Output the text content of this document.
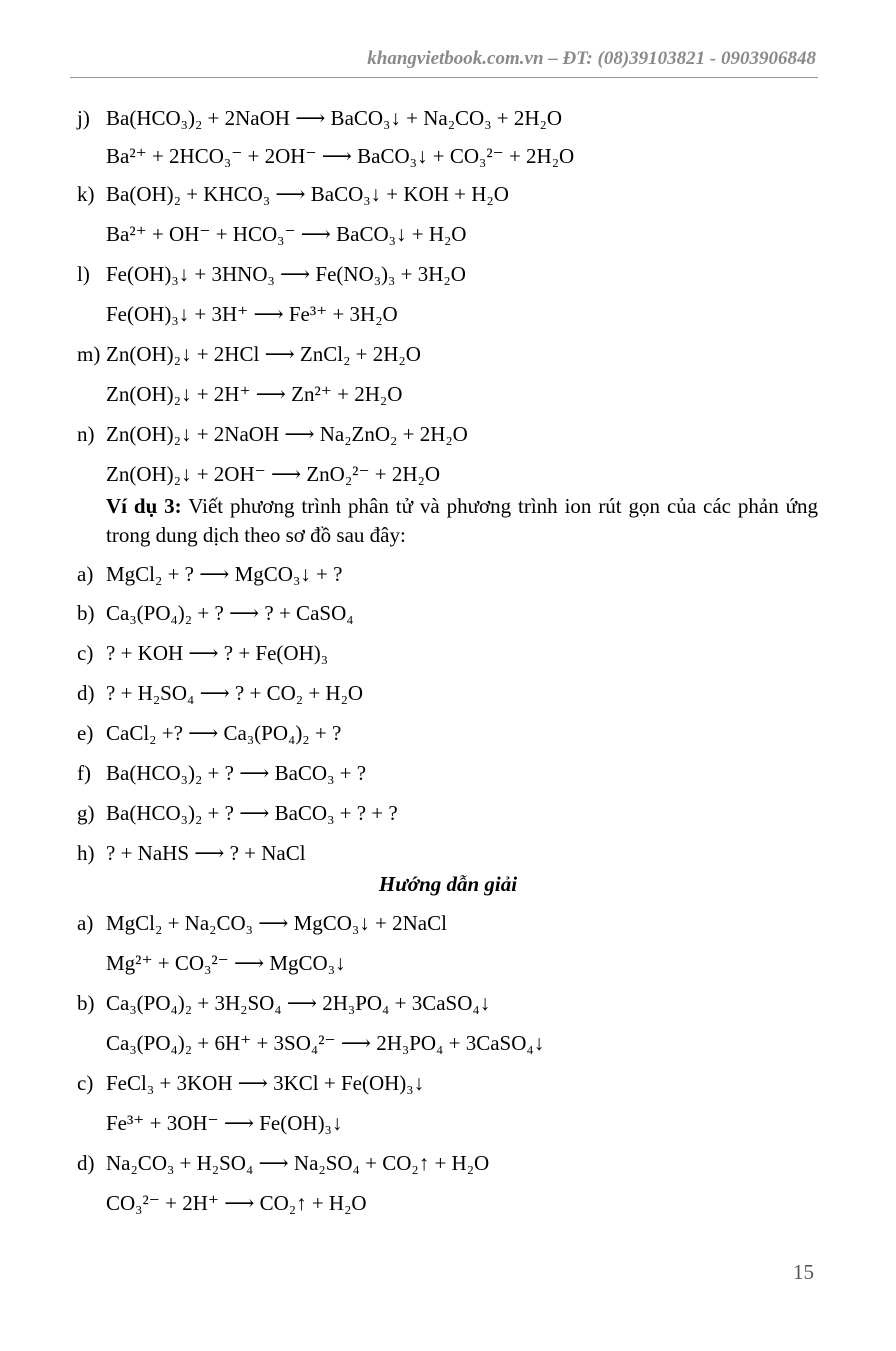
khangvietbook.com.vn – ĐT: (08)39103821 - 0903906848
j) Ba(HCO₃)₂ + 2NaOH ⟶ BaCO₃↓ + Na₂CO₃ + 2H₂O
Ba²⁺ + 2HCO₃⁻ + 2OH⁻ ⟶ BaCO₃↓ + CO₃²⁻ + 2H₂O
k) Ba(OH)₂ + KHCO₃ ⟶ BaCO₃↓ + KOH + H₂O
Ba²⁺ + OH⁻ + HCO₃⁻ ⟶ BaCO₃↓ + H₂O
l) Fe(OH)₃↓ + 3HNO₃ ⟶ Fe(NO₃)₃ + 3H₂O
Fe(OH)₃↓ + 3H⁺ ⟶ Fe³⁺ + 3H₂O
m) Zn(OH)₂↓ + 2HCl ⟶ ZnCl₂ + 2H₂O
Zn(OH)₂↓ + 2H⁺ ⟶ Zn²⁺ + 2H₂O
n) Zn(OH)₂↓ + 2NaOH ⟶ Na₂ZnO₂ + 2H₂O
Zn(OH)₂↓ + 2OH⁻ ⟶ ZnO₂²⁻ + 2H₂O
Ví dụ 3: Viết phương trình phân tử và phương trình ion rút gọn của các phản ứng trong dung dịch theo sơ đồ sau đây:
a) MgCl₂ + ? ⟶ MgCO₃↓ + ?
b) Ca₃(PO₄)₂ + ? ⟶ ? + CaSO₄
c) ? + KOH ⟶ ? + Fe(OH)₃
d) ? + H₂SO₄ ⟶ ? + CO₂ + H₂O
e) CaCl₂ +? ⟶ Ca₃(PO₄)₂ + ?
f) Ba(HCO₃)₂ + ? ⟶ BaCO₃ + ?
g) Ba(HCO₃)₂ + ? ⟶ BaCO₃ + ? + ?
h) ? + NaHS ⟶ ? + NaCl
Hướng dẫn giải
a) MgCl₂ + Na₂CO₃ ⟶ MgCO₃↓ + 2NaCl
Mg²⁺ + CO₃²⁻ ⟶ MgCO₃↓
b) Ca₃(PO₄)₂ + 3H₂SO₄ ⟶ 2H₃PO₄ + 3CaSO₄↓
Ca₃(PO₄)₂ + 6H⁺ + 3SO₄²⁻ ⟶ 2H₃PO₄ + 3CaSO₄↓
c) FeCl₃ + 3KOH ⟶ 3KCl + Fe(OH)₃↓
Fe³⁺ + 3OH⁻ ⟶ Fe(OH)₃↓
d) Na₂CO₃ + H₂SO₄ ⟶ Na₂SO₄ + CO₂↑ + H₂O
CO₃²⁻ + 2H⁺ ⟶ CO₂↑ + H₂O
15
